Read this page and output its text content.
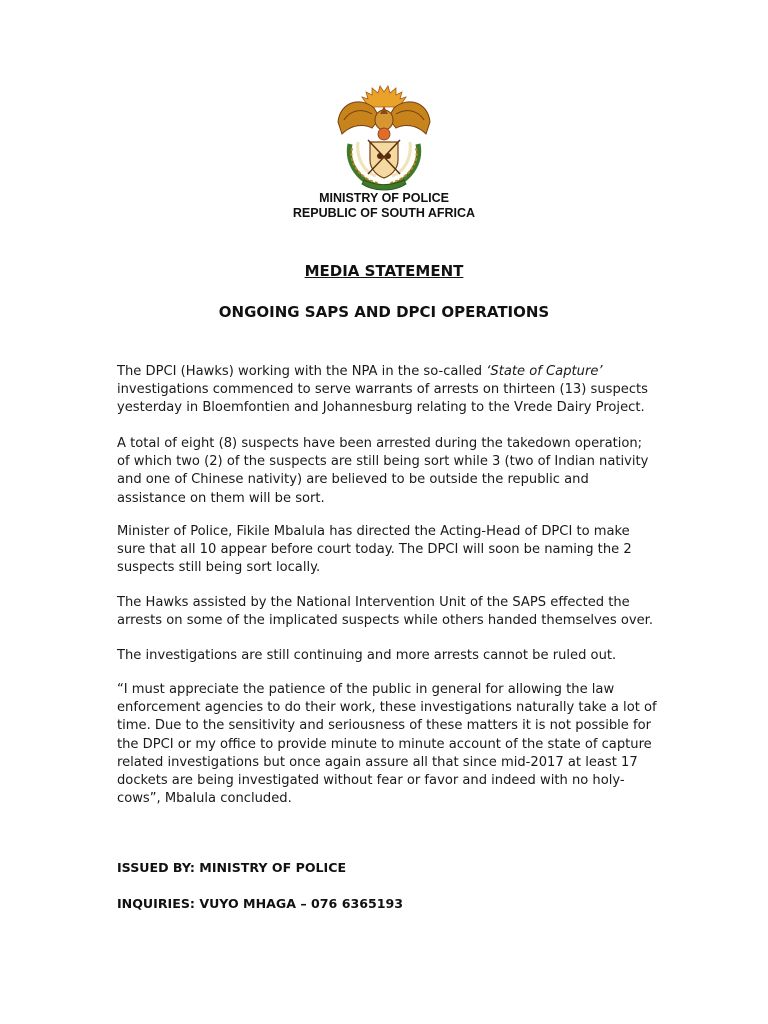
MINISTRY OF POLICE
REPUBLIC OF SOUTH AFRICA
MEDIA STATEMENT
ONGOING SAPS AND DPCI OPERATIONS

The DPCI (Hawks) working with the NPA in the so-called ‘State of Capture’ investigations commenced to serve warrants of arrests on thirteen (13) suspects yesterday in Bloemfontien and Johannesburg relating to the Vrede Dairy Project.

A total of eight (8) suspects have been arrested during the takedown operation; of which two (2) of the suspects are still being sort while 3 (two of Indian nativity and one of Chinese nativity) are believed to be outside the republic and assistance on them will be sort.

Minister of Police, Fikile Mbalula has directed the Acting-Head of DPCI to make sure that all 10 appear before court today. The DPCI will soon be naming the 2 suspects still being sort locally.

The Hawks assisted by the National Intervention Unit of the SAPS effected the arrests on some of the implicated suspects while others handed themselves over.

The investigations are still continuing and more arrests cannot be ruled out.

“I must appreciate the patience of the public in general for allowing the law enforcement agencies to do their work, these investigations naturally take a lot of time. Due to the sensitivity and seriousness of these matters it is not possible for the DPCI or my office to provide minute to minute account of the state of capture related investigations but once again assure all that since mid-2017 at least 17 dockets are being investigated without fear or favor and indeed with no holy-cows”, Mbalula concluded.

ISSUED BY: MINISTRY OF POLICE
INQUIRIES: VUYO MHAGA – 076 6365193
